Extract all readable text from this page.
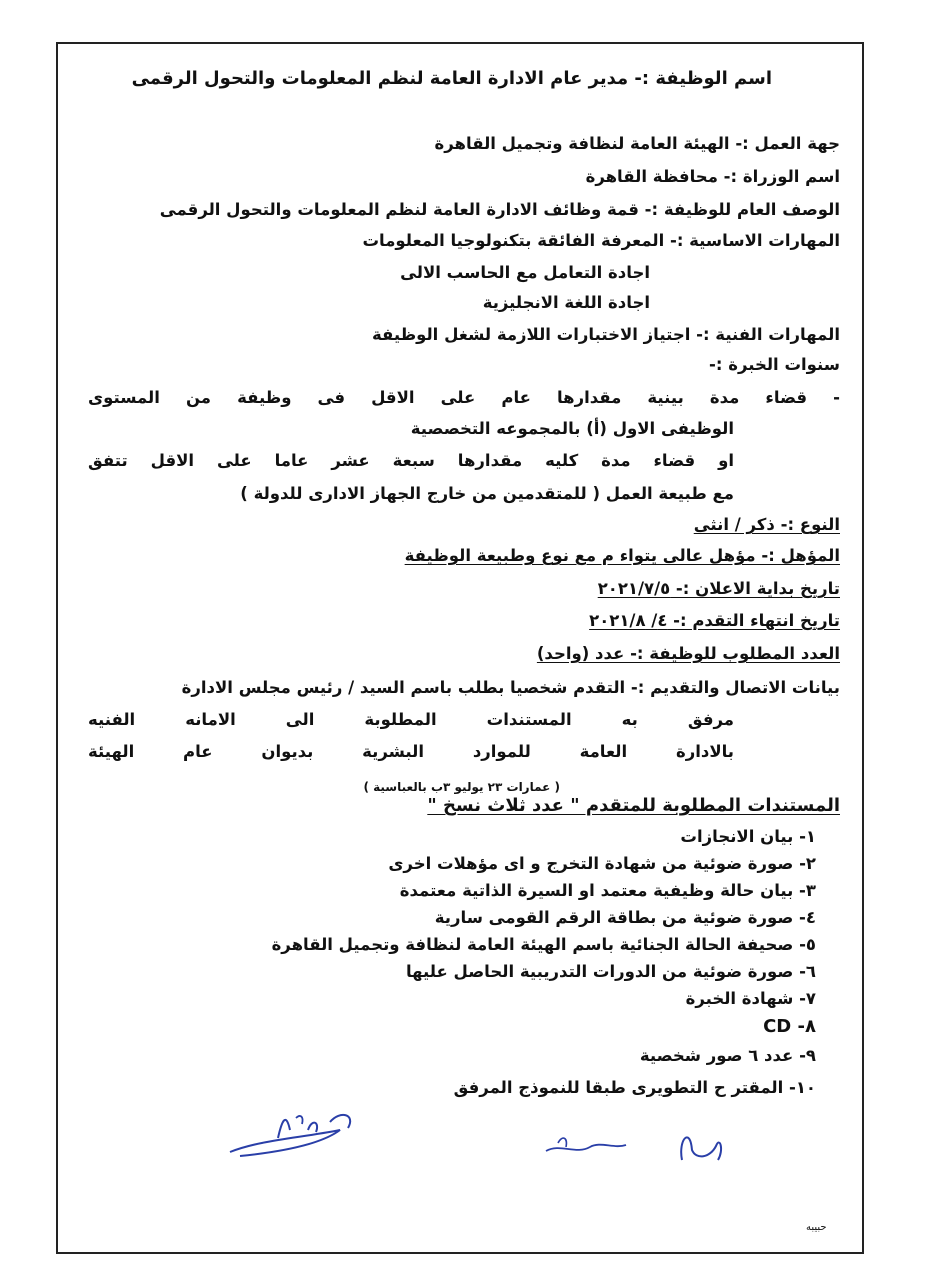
اسم الوظيفة :- مدير عام الادارة العامة لنظم المعلومات والتحول الرقمى
جهة العمل :- الهيئة العامة لنظافة وتجميل القاهرة
اسم الوزراة :- محافظة القاهرة
الوصف العام للوظيفة :- قمة وظائف الادارة العامة لنظم المعلومات والتحول الرقمى
المهارات الاساسية :- المعرفة الفائقة بتكنولوجيا المعلومات
اجادة التعامل مع الحاسب الالى
اجادة اللغة الانجليزية
المهارات الفنية :- اجتياز الاختبارات اللازمة لشغل الوظيفة
سنوات الخبرة :-
- قضاء مدة بينية مقدارها عام على الاقل فى وظيفة من المستوى
الوظيفى الاول (أ) بالمجموعه التخصصية
او قضاء مدة كليه مقدارها سبعة عشر عاما على الاقل تتفق
مع طبيعة العمل ( للمتقدمين من خارج الجهاز الادارى للدولة )
النوع :- ذكر / انثى
المؤهل :- مؤهل عالى يتواء م مع نوع وطبيعة الوظيفة
تاريخ بداية الاعلان :- ٢٠٢١/٧/٥
تاريخ انتهاء التقدم :- ٤/ ٢٠٢١/٨
العدد المطلوب للوظيفة :- عدد (واحد)
بيانات الاتصال والتقديم :- التقدم شخصيا بطلب باسم السيد / رئيس مجلس الادارة
مرفق به المستندات المطلوبة الى الامانه الفنيه
بالادارة العامة للموارد البشرية بديوان عام الهيئة
( عمارات ٢٣ يوليو ٣ب بالعباسية )
المستندات المطلوبة للمتقدم " عدد ثلاث نسخ "
١- بيان الانجازات
٢- صورة ضوئية من شهادة التخرج و اى مؤهلات اخرى
٣- بيان حالة وظيفية معتمد او السيرة الذاتية معتمدة
٤- صورة ضوئية من بطاقة الرقم القومى سارية
٥- صحيفة الحالة الجنائية باسم الهيئة العامة لنظافة وتجميل القاهرة
٦- صورة ضوئية من الدورات التدريبية الحاصل عليها
٧- شهادة الخبرة
٨- CD
٩- عدد ٦ صور شخصية
١٠- المقتر ح التطويرى طبقا للنموذج المرفق
حبيبه
